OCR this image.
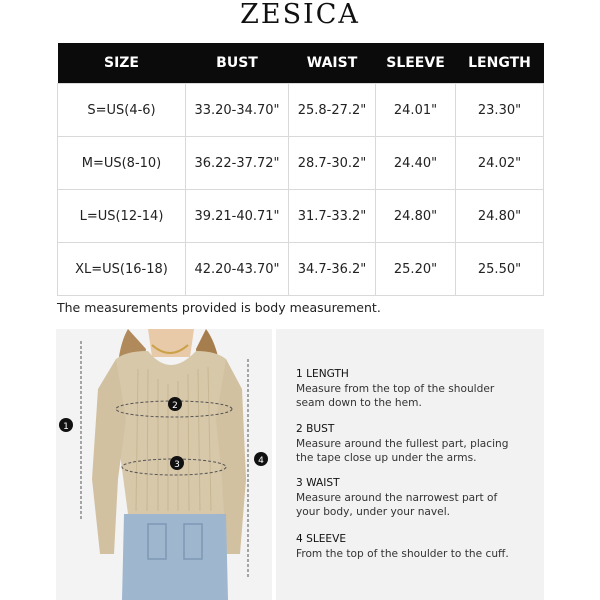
ZESICA
SIZE	BUST	WAIST	SLEEVE	LENGTH
S=US(4-6)	33.20-34.70"	25.8-27.2"	24.01"	23.30"
M=US(8-10)	36.22-37.72"	28.7-30.2"	24.40"	24.02"
L=US(12-14)	39.21-40.71"	31.7-33.2"	24.80"	24.80"
XL=US(16-18)	42.20-43.70"	34.7-36.2"	25.20"	25.50"
The measurements provided is body measurement.
1
2
3	4
1 LENGTH
Measure from the top of the shoulder
seam down to the hem.
2 BUST
Measure around the fullest part, placing
the tape close up under the arms.
3 WAIST
Measure around the narrowest part of
your body, under your navel.
4 SLEEVE
From the top of the shoulder to the cuff.
